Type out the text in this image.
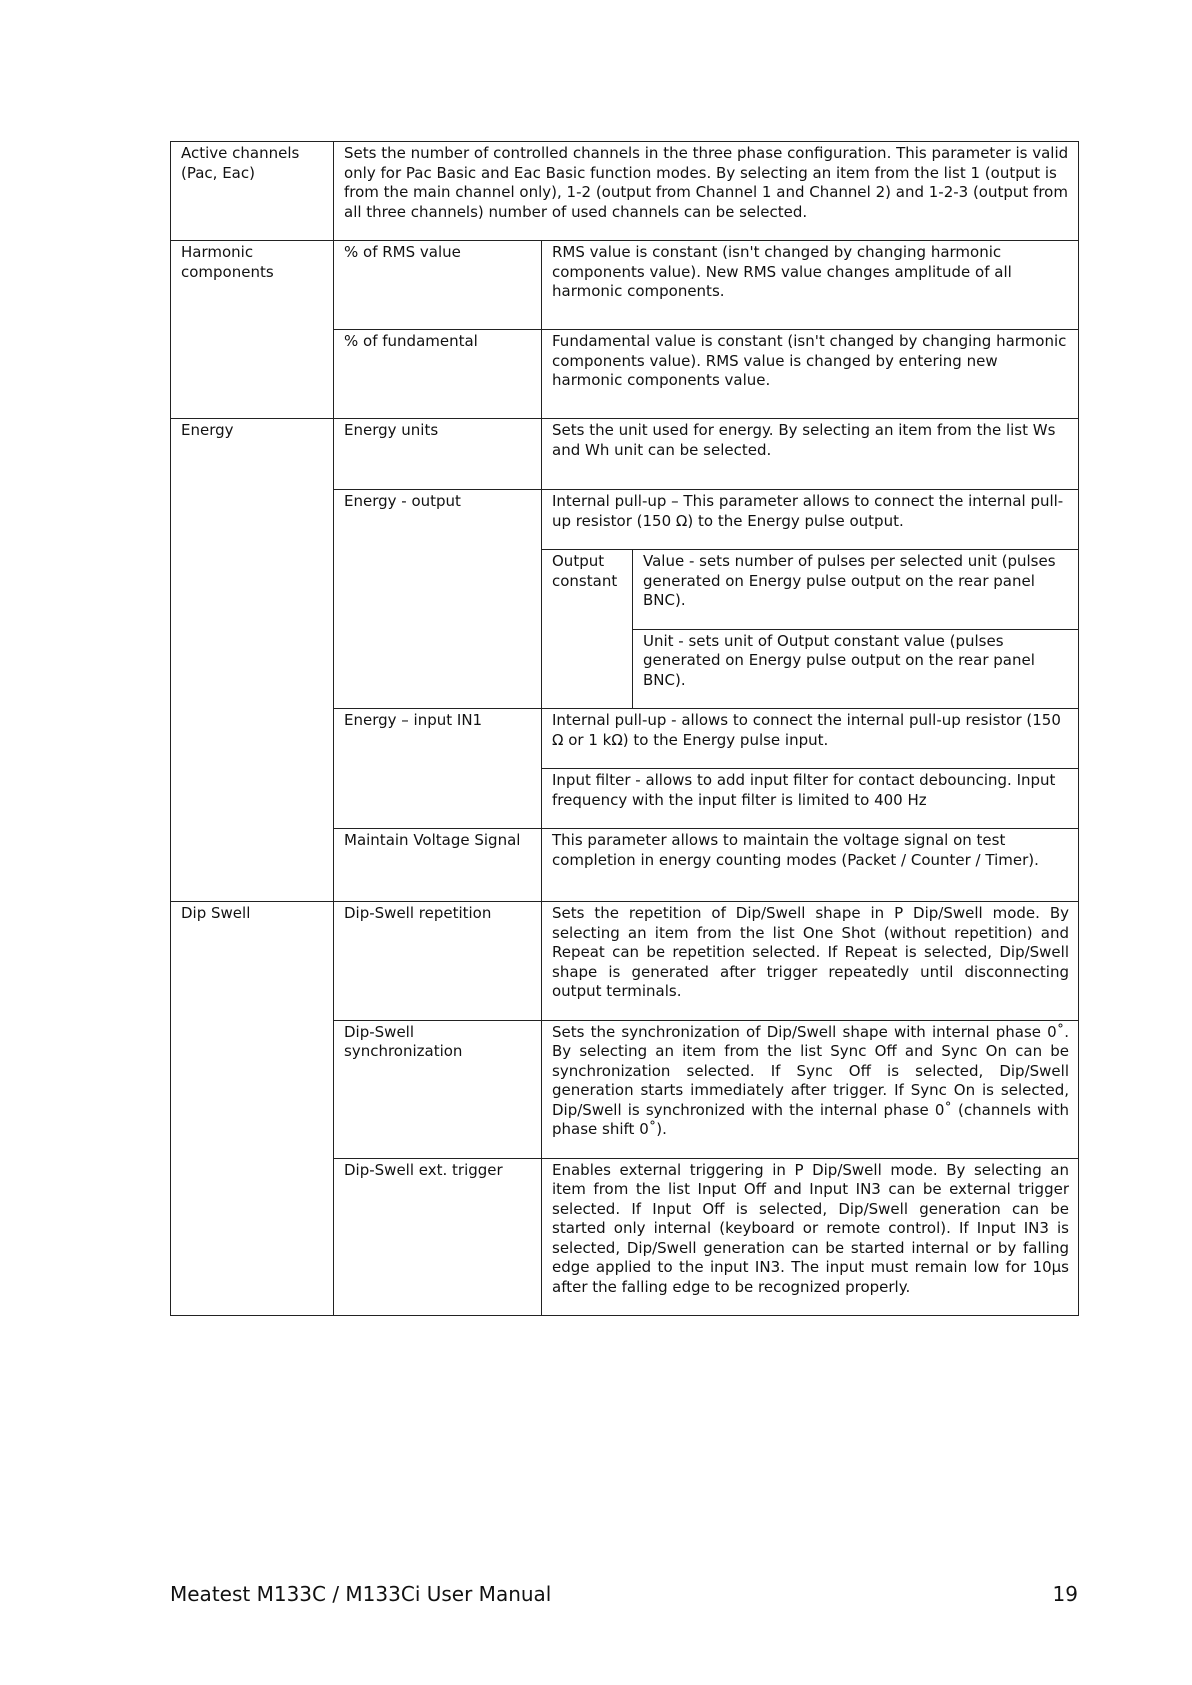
Active channels (Pac, Eac)	Sets the number of controlled channels in the three phase configuration. This parameter is valid only for Pac Basic and Eac Basic function modes. By selecting an item from the list 1 (output is from the main channel only), 1-2 (output from Channel 1 and Channel 2) and 1-2-3 (output from all three channels) number of used channels can be selected.		
Harmonic components	% of RMS value	RMS value is constant (isn't changed by changing harmonic components value). New RMS value changes amplitude of all harmonic components.	
	% of fundamental	Fundamental value is constant (isn't changed by changing harmonic components value). RMS value is changed by entering new harmonic components value.	
Energy	Energy units	Sets the unit used for energy. By selecting an item from the list Ws and Wh unit can be selected.	
	Energy - output	Internal pull-up – This parameter allows to connect the internal pull-up resistor (150 Ω) to the Energy pulse output.	
		Output constant	Value - sets number of pulses per selected unit (pulses generated on Energy pulse output on the rear panel BNC).
			Unit - sets unit of Output constant value (pulses generated on Energy pulse output on the rear panel BNC).
	Energy – input IN1	Internal pull-up - allows to connect the internal pull-up resistor (150 Ω or 1 kΩ) to the Energy pulse input.	
		Input filter - allows to add input filter for contact debouncing. Input frequency with the input filter is limited to 400 Hz	
	Maintain Voltage Signal	This parameter allows to maintain the voltage signal on test completion in energy counting modes (Packet / Counter / Timer).	
Dip Swell	Dip-Swell repetition	Sets the repetition of Dip/Swell shape in P Dip/Swell mode. By selecting an item from the list One Shot (without repetition) and Repeat can be repetition selected. If Repeat is selected, Dip/Swell shape is generated after trigger repeatedly until disconnecting output terminals.	
	Dip-Swell synchronization	Sets the synchronization of Dip/Swell shape with internal phase 0˚. By selecting an item from the list Sync Off and Sync On can be synchronization selected. If Sync Off is selected, Dip/Swell generation starts immediately after trigger. If Sync On is selected, Dip/Swell is synchronized with the internal phase 0˚ (channels with phase shift 0˚).	
	Dip-Swell ext. trigger	Enables external triggering in P Dip/Swell mode. By selecting an item from the list Input Off and Input IN3 can be external trigger selected. If Input Off is selected, Dip/Swell generation can be started only internal (keyboard or remote control). If Input IN3 is selected, Dip/Swell generation can be started internal or by falling edge applied to the input IN3. The input must remain low for 10μs after the falling edge to be recognized properly.	
Meatest M133C / M133Ci User Manual	19
